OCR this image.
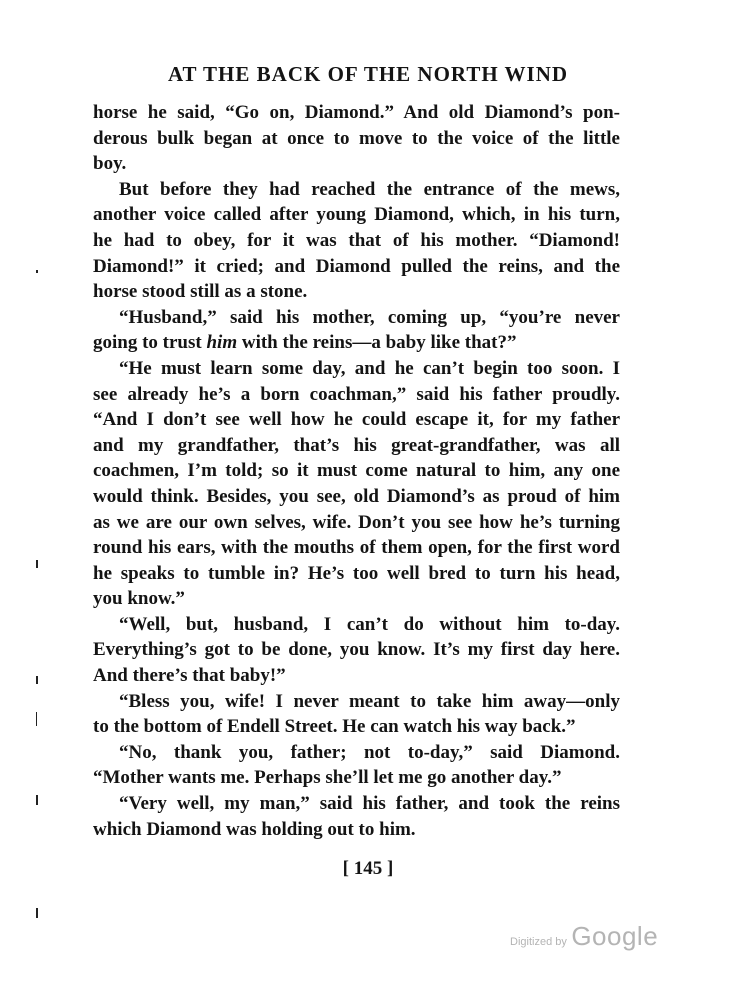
AT THE BACK OF THE NORTH WIND
horse he said, “Go on, Diamond.” And old Diamond’s pon-
derous bulk began at once to move to the voice of the little
boy.
But before they had reached the entrance of the mews,
another voice called after young Diamond, which, in his turn,
he had to obey, for it was that of his mother. “Diamond!
Diamond!” it cried; and Diamond pulled the reins, and the
horse stood still as a stone.
“Husband,” said his mother, coming up, “you’re never
going to trust him with the reins—a baby like that?”
“He must learn some day, and he can’t begin too soon. I
see already he’s a born coachman,” said his father proudly.
“And I don’t see well how he could escape it, for my father
and my grandfather, that’s his great-grandfather, was all
coachmen, I’m told; so it must come natural to him, any one
would think. Besides, you see, old Diamond’s as proud of him
as we are our own selves, wife. Don’t you see how he’s turning
round his ears, with the mouths of them open, for the first word
he speaks to tumble in? He’s too well bred to turn his head,
you know.”
“Well, but, husband, I can’t do without him to-day.
Everything’s got to be done, you know. It’s my first day here.
And there’s that baby!”
“Bless you, wife! I never meant to take him away—only
to the bottom of Endell Street. He can watch his way back.”
“No, thank you, father; not to-day,” said Diamond.
“Mother wants me. Perhaps she’ll let me go another day.”
“Very well, my man,” said his father, and took the reins
which Diamond was holding out to him.
[ 145 ]
Digitized by Google
